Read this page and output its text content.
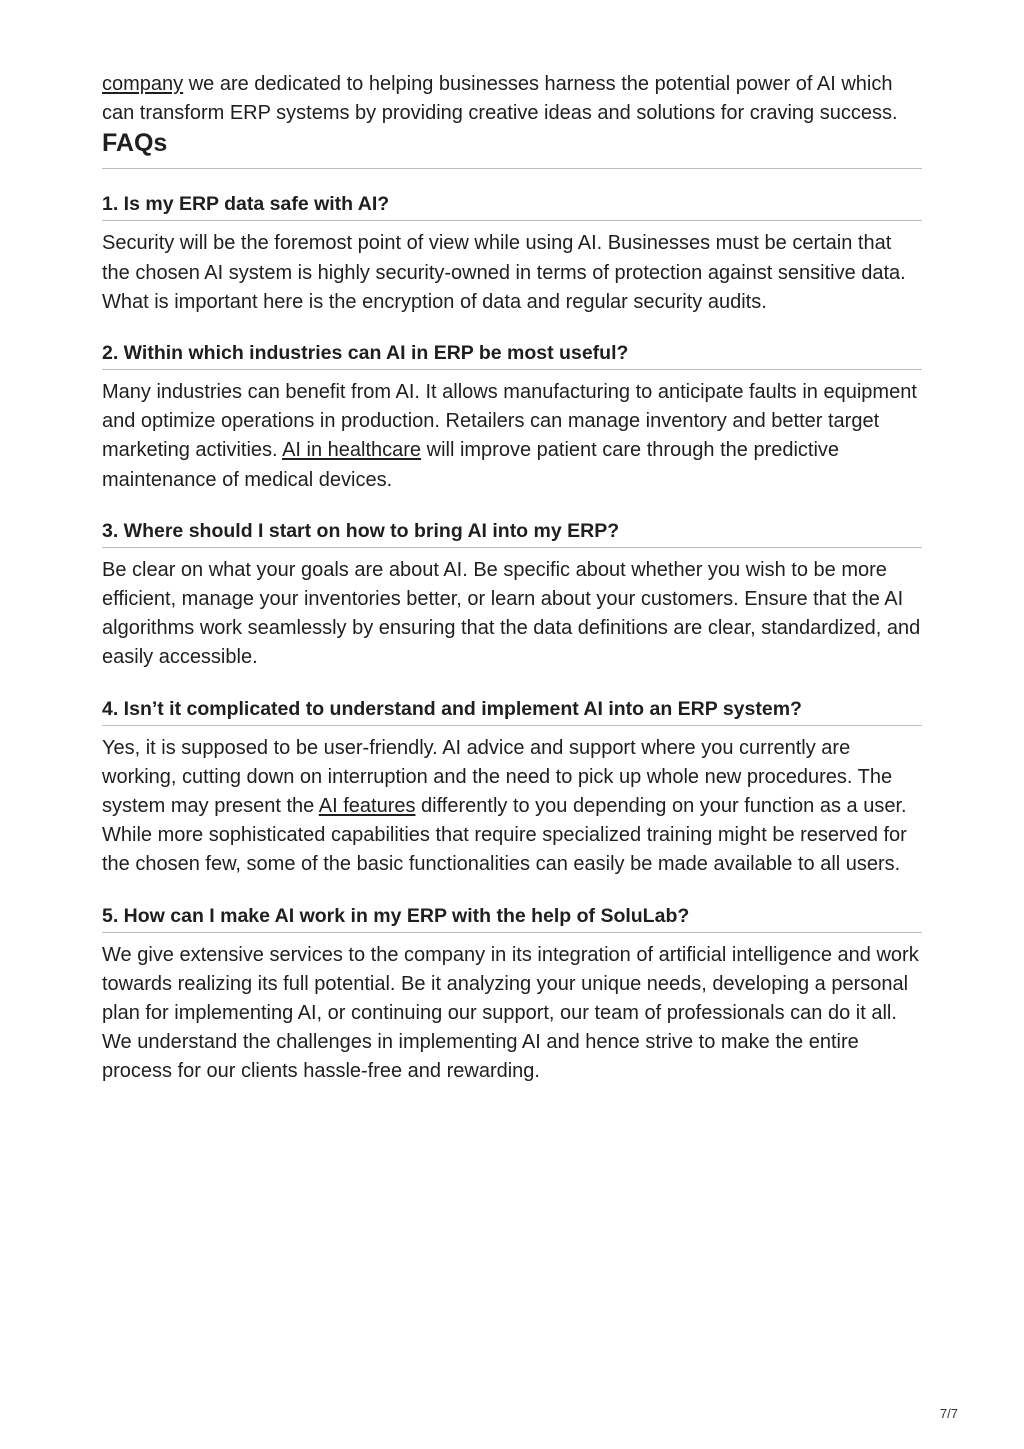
company we are dedicated to helping businesses harness the potential power of AI which can transform ERP systems by providing creative ideas and solutions for craving success.

FAQs
1. Is my ERP data safe with AI?

Security will be the foremost point of view while using AI. Businesses must be certain that the chosen AI system is highly security-owned in terms of protection against sensitive data. What is important here is the encryption of data and regular security audits.

2. Within which industries can AI in ERP be most useful?

Many industries can benefit from AI. It allows manufacturing to anticipate faults in equipment and optimize operations in production. Retailers can manage inventory and better target marketing activities. AI in healthcare will improve patient care through the predictive maintenance of medical devices.

3. Where should I start on how to bring AI into my ERP?

Be clear on what your goals are about AI. Be specific about whether you wish to be more efficient, manage your inventories better, or learn about your customers. Ensure that the AI algorithms work seamlessly by ensuring that the data definitions are clear, standardized, and easily accessible.

4. Isn’t it complicated to understand and implement AI into an ERP system?

Yes, it is supposed to be user-friendly. AI advice and support where you currently are working, cutting down on interruption and the need to pick up whole new procedures. The system may present the AI features differently to you depending on your function as a user. While more sophisticated capabilities that require specialized training might be reserved for the chosen few, some of the basic functionalities can easily be made available to all users.

5. How can I make AI work in my ERP with the help of SoluLab?

We give extensive services to the company in its integration of artificial intelligence and work towards realizing its full potential. Be it analyzing your unique needs, developing a personal plan for implementing AI, or continuing our support, our team of professionals can do it all. We understand the challenges in implementing AI and hence strive to make the entire process for our clients hassle-free and rewarding.

7/7
